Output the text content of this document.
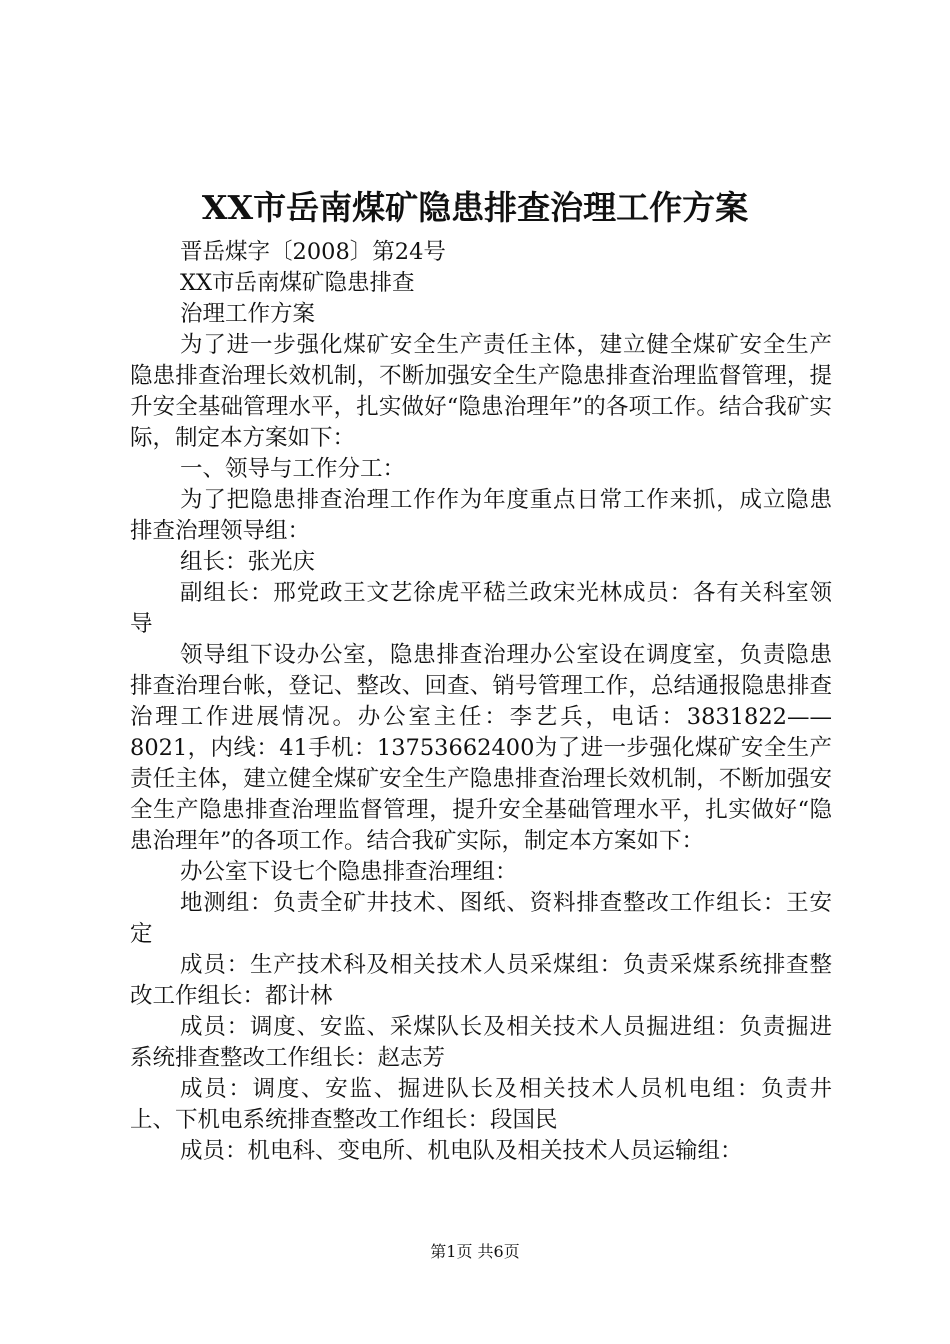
XX市岳南煤矿隐患排查治理工作方案

晋岳煤字〔2008〕第24号

XX市岳南煤矿隐患排查

治理工作方案

为了进一步强化煤矿安全生产责任主体，建立健全煤矿安全生产隐患排查治理长效机制，不断加强安全生产隐患排查治理监督管理，提升安全基础管理水平，扎实做好“隐患治理年”的各项工作。结合我矿实际，制定本方案如下：

一、领导与工作分工：

为了把隐患排查治理工作作为年度重点日常工作来抓，成立隐患排查治理领导组：

组长：张光庆

副组长：邢党政王文艺徐虎平嵇兰政宋光林成员：各有关科室领导

领导组下设办公室，隐患排查治理办公室设在调度室，负责隐患排查治理台帐，登记、整改、回查、销号管理工作，总结通报隐患排查治理工作进展情况。办公室主任：李艺兵，电话：3831822——8021，内线：41手机：13753662400为了进一步强化煤矿安全生产责任主体，建立健全煤矿安全生产隐患排查治理长效机制，不断加强安全生产隐患排查治理监督管理，提升安全基础管理水平，扎实做好“隐患治理年”的各项工作。结合我矿实际，制定本方案如下：

办公室下设七个隐患排查治理组：

地测组：负责全矿井技术、图纸、资料排查整改工作组长：王安定

成员：生产技术科及相关技术人员采煤组：负责采煤系统排查整改工作组长：都计林

成员：调度、安监、采煤队长及相关技术人员掘进组：负责掘进系统排查整改工作组长：赵志芳

成员：调度、安监、掘进队长及相关技术人员机电组：负责井上、下机电系统排查整改工作组长：段国民

成员：机电科、变电所、机电队及相关技术人员运输组：

第1页 共6页
